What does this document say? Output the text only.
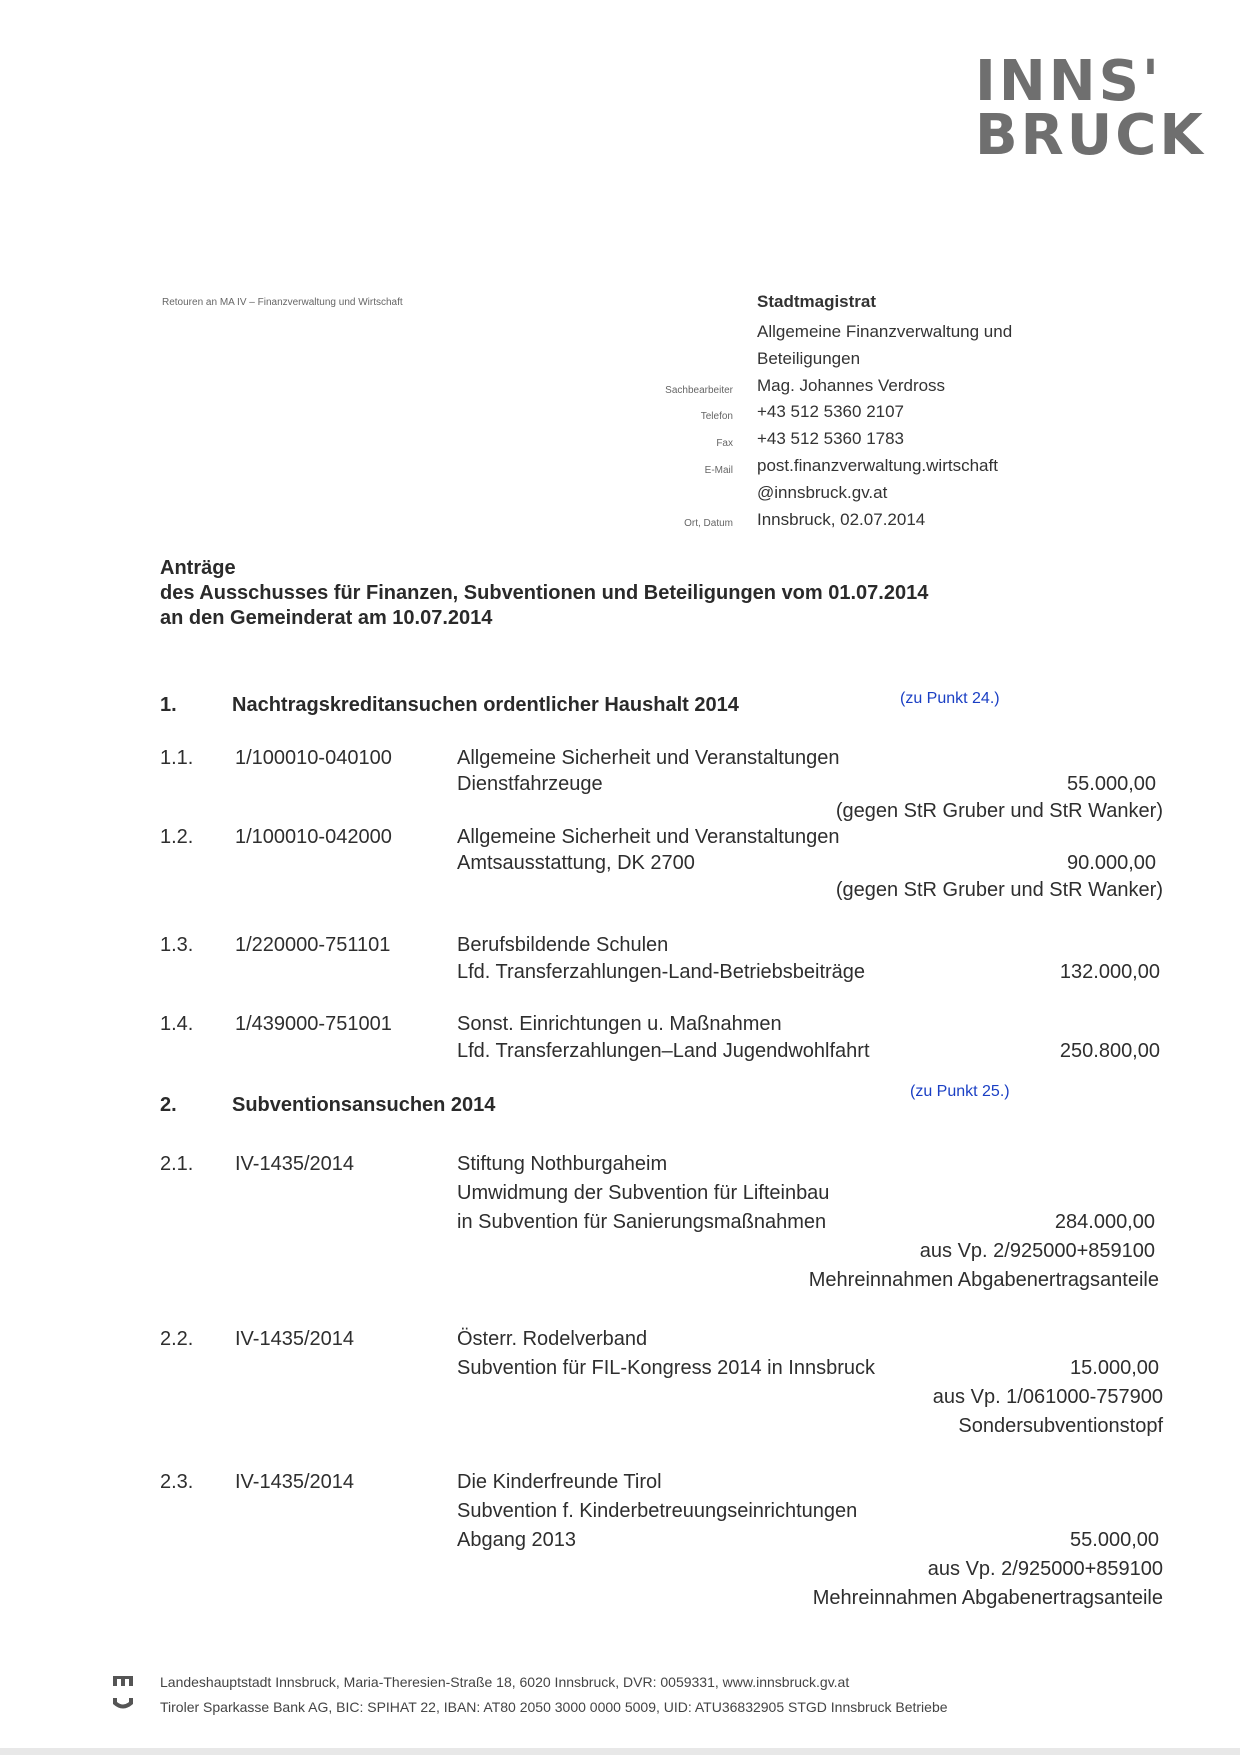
INNS'
BRUCK
Retouren an MA IV – Finanzverwaltung und Wirtschaft	Stadtmagistrat
Allgemeine Finanzverwaltung und
Beteiligungen
Sachbearbeiter Mag. Johannes Verdross
Telefon +43 512 5360 2107
Fax +43 512 5360 1783
E-Mail post.finanzverwaltung.wirtschaft
@innsbruck.gv.at
Ort, Datum Innsbruck, 02.07.2014
Anträge
des Ausschusses für Finanzen, Subventionen und Beteiligungen vom 01.07.2014
an den Gemeinderat am 10.07.2014
1.	Nachtragskreditansuchen ordentlicher Haushalt 2014	(zu Punkt 24.)
1.1. 1/100010-040100	Allgemeine Sicherheit und Veranstaltungen
Dienstfahrzeuge	55.000,00
(gegen StR Gruber und StR Wanker)
1.2. 1/100010-042000	Allgemeine Sicherheit und Veranstaltungen
Amtsausstattung, DK 2700	90.000,00
(gegen StR Gruber und StR Wanker)
1.3. 1/220000-751101	Berufsbildende Schulen
Lfd. Transferzahlungen-Land-Betriebsbeiträge	132.000,00
1.4. 1/439000-751001	Sonst. Einrichtungen u. Maßnahmen
Lfd. Transferzahlungen–Land Jugendwohlfahrt	250.800,00
2.	Subventionsansuchen 2014
(zu Punkt 25.)
2.1. IV-1435/2014	Stiftung Nothburgaheim
Umwidmung der Subvention für Lifteinbau
in Subvention für Sanierungsmaßnahmen	284.000,00
aus Vp. 2/925000+859100
Mehreinnahmen Abgabenertragsanteile
2.2. IV-1435/2014	Österr. Rodelverband
Subvention für FIL-Kongress 2014 in Innsbruck	15.000,00
aus Vp. 1/061000-757900
Sondersubventionstopf
2.3. IV-1435/2014	Die Kinderfreunde Tirol
Subvention f. Kinderbetreuungseinrichtungen
Abgang 2013	55.000,00
aus Vp. 2/925000+859100
Mehreinnahmen Abgabenertragsanteile
Landeshauptstadt Innsbruck, Maria-Theresien-Straße 18, 6020 Innsbruck, DVR: 0059331, www.innsbruck.gv.at
Tiroler Sparkasse Bank AG, BIC: SPIHAT 22, IBAN: AT80 2050 3000 0000 5009, UID: ATU36832905 STGD Innsbruck Betriebe
